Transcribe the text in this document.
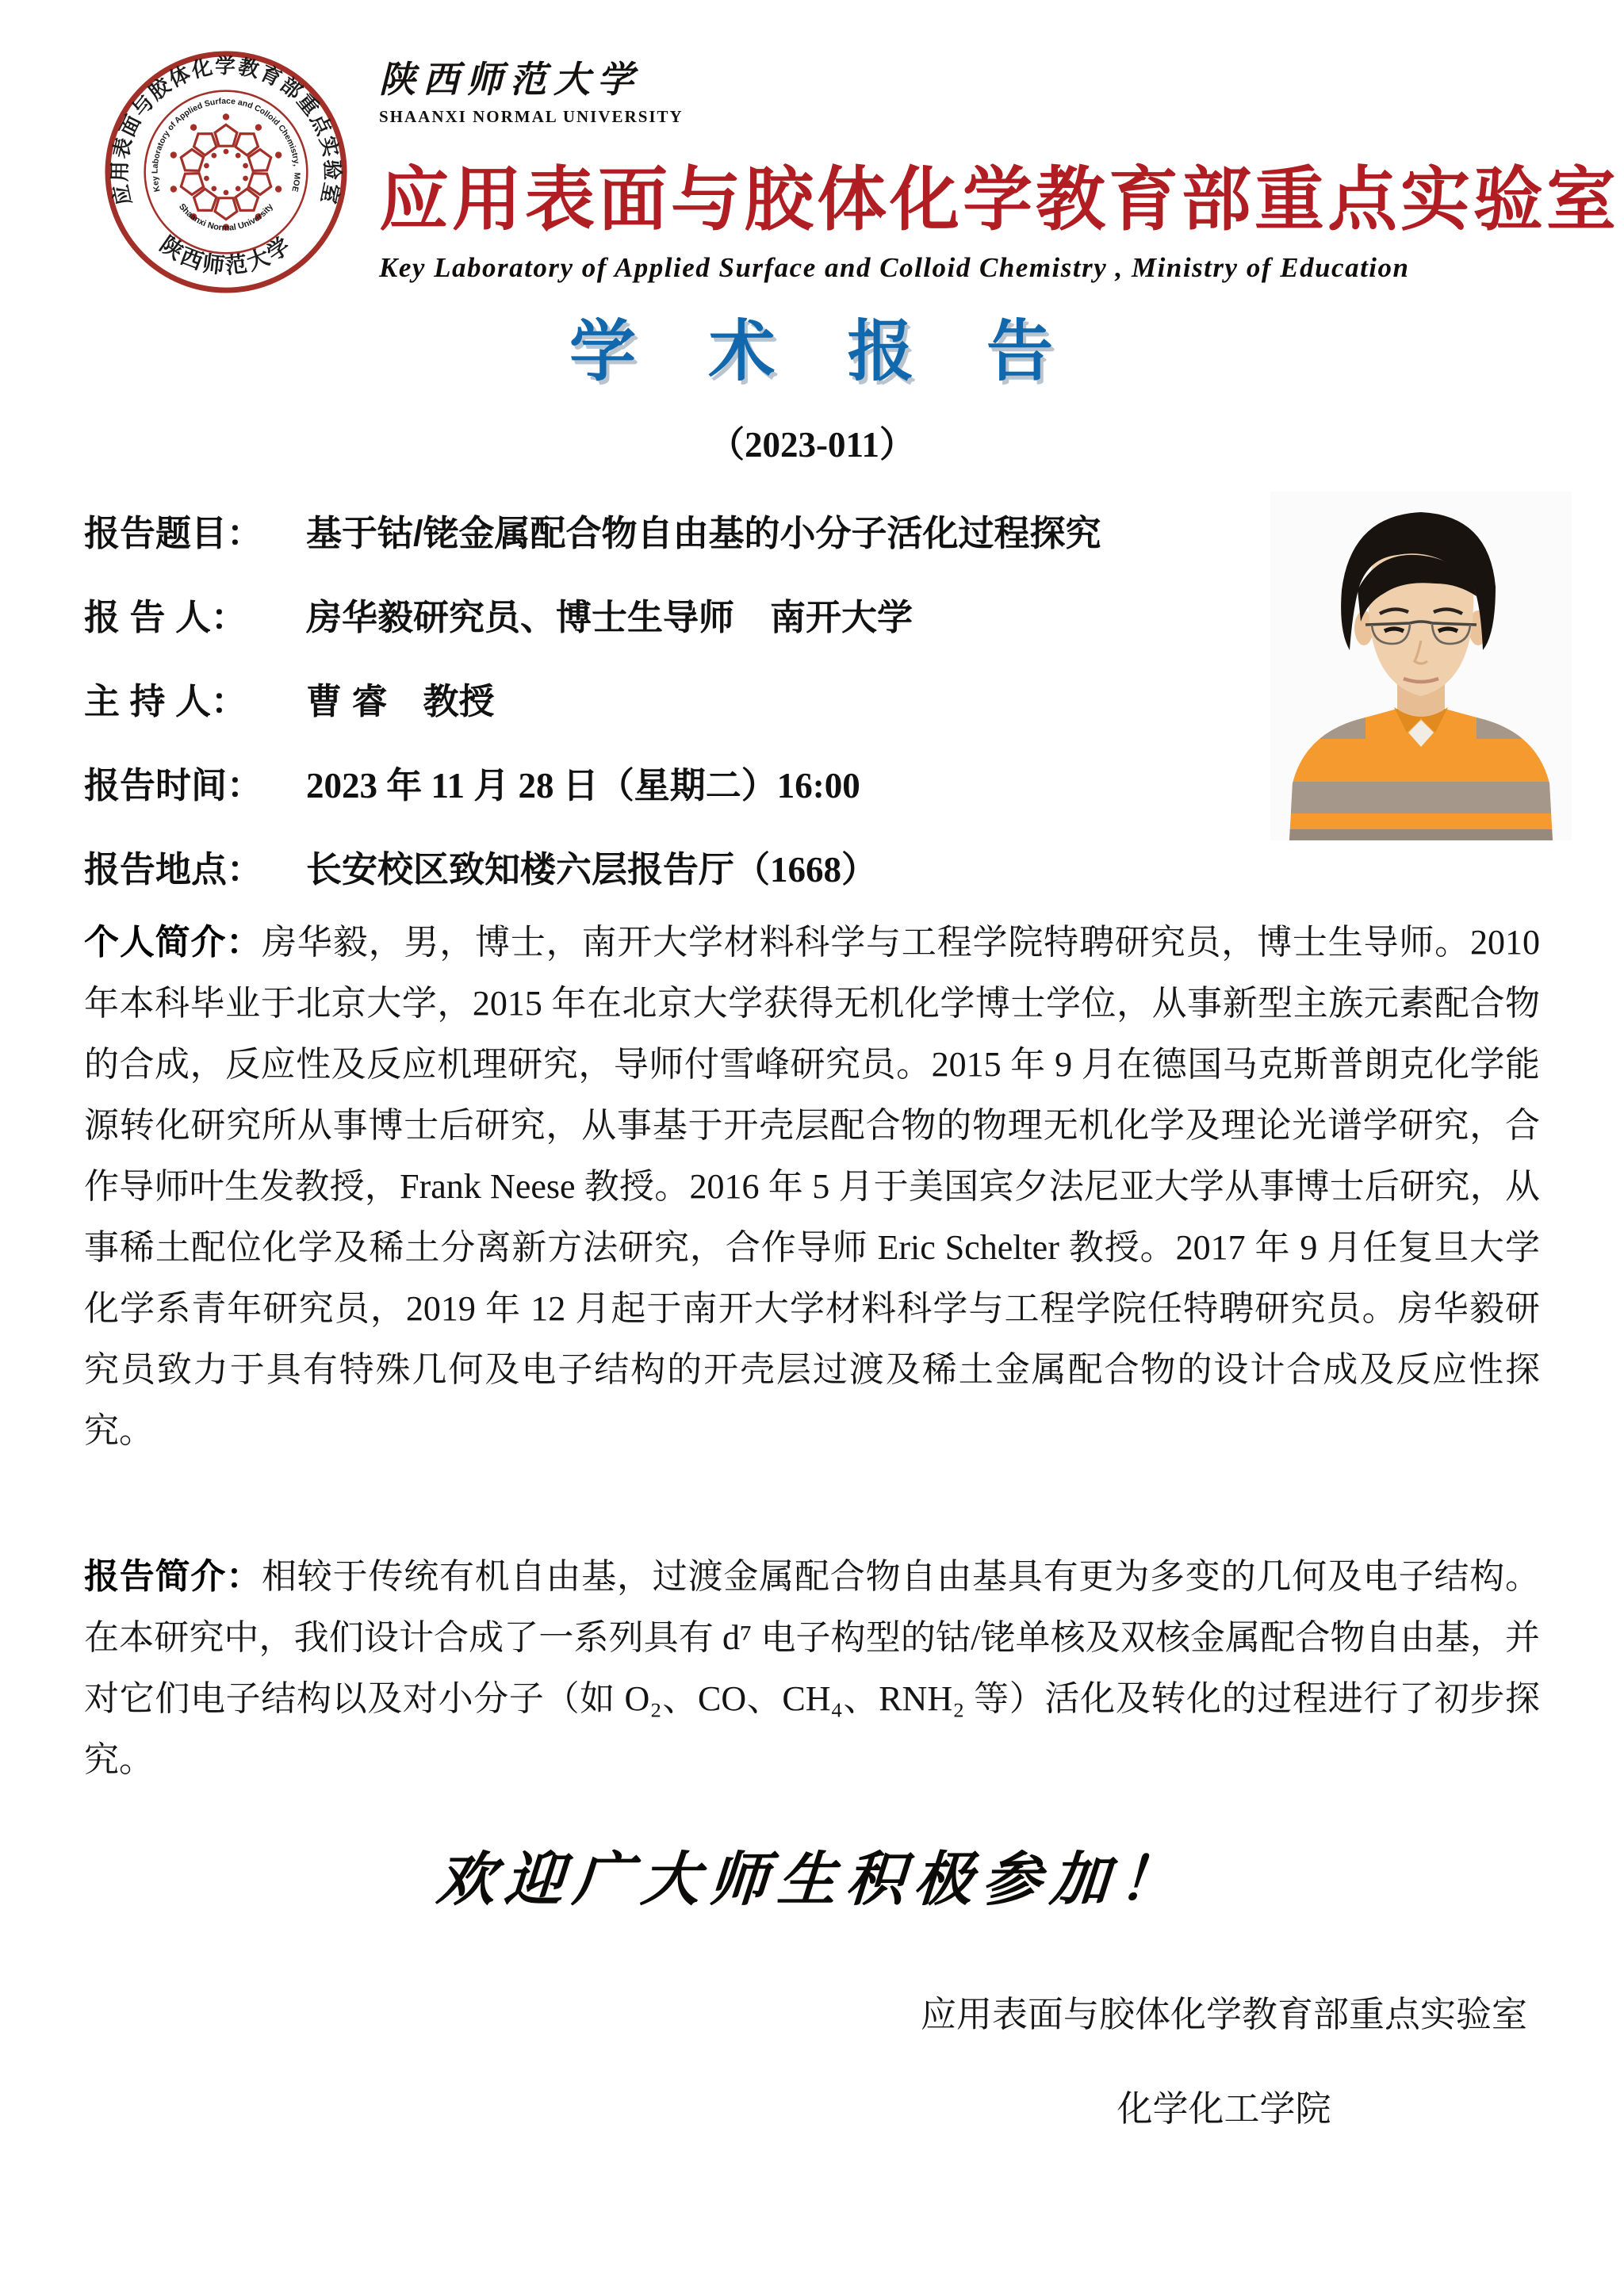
应用表面与胶体化学教育部重点实验室
Key Laboratory of Applied Surface and Colloid Chemistry，MOE
Shaanxi Normal University
陕西师范大学
陕西师范大学
SHAANXI NORMAL UNIVERSITY
应用表面与胶体化学教育部重点实验室
Key Laboratory of Applied Surface and Colloid Chemistry , Ministry of Education
学 术 报 告
（2023-011）
报告题目：	基于钴/铑金属配合物自由基的小分子活化过程探究
报 告 人：	房华毅研究员、博士生导师　南开大学
主 持 人：	曹 睿　教授
报告时间：	2023 年 11 月 28 日（星期二）16:00
报告地点：	长安校区致知楼六层报告厅（1668）
个人简介：房华毅，男，博士，南开大学材料科学与工程学院特聘研究员，博士生导师。2010 年本科毕业于北京大学，2015 年在北京大学获得无机化学博士学位，从事新型主族元素配合物的合成，反应性及反应机理研究，导师付雪峰研究员。2015 年 9 月在德国马克斯普朗克化学能源转化研究所从事博士后研究，从事基于开壳层配合物的物理无机化学及理论光谱学研究，合作导师叶生发教授，Frank Neese 教授。2016 年 5 月于美国宾夕法尼亚大学从事博士后研究，从事稀土配位化学及稀土分离新方法研究，合作导师 Eric Schelter 教授。2017 年 9 月任复旦大学化学系青年研究员，2019 年 12 月起于南开大学材料科学与工程学院任特聘研究员。房华毅研究员致力于具有特殊几何及电子结构的开壳层过渡及稀土金属配合物的设计合成及反应性探究。
报告简介：相较于传统有机自由基，过渡金属配合物自由基具有更为多变的几何及电子结构。在本研究中，我们设计合成了一系列具有 d⁷ 电子构型的钴/铑单核及双核金属配合物自由基，并对它们电子结构以及对小分子（如 O₂、CO、CH₄、RNH₂ 等）活化及转化的过程进行了初步探究。
欢迎广大师生积极参加！
应用表面与胶体化学教育部重点实验室
化学化工学院
